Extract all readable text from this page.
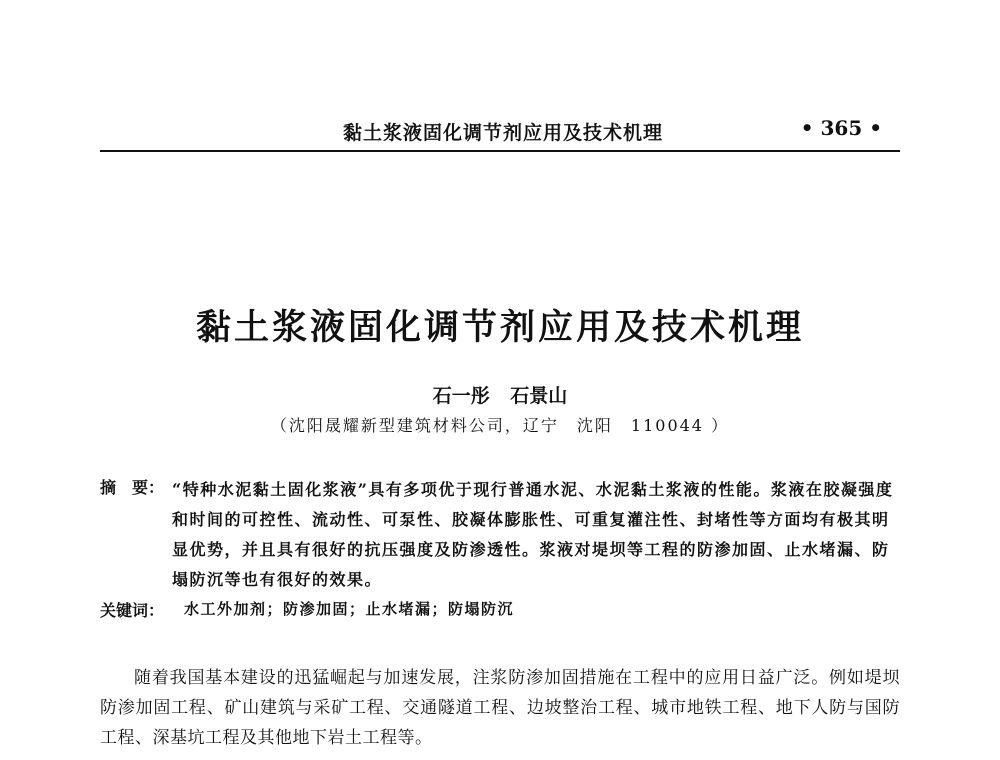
黏土浆液固化调节剂应用及技术机理	• 365 •
黏土浆液固化调节剂应用及技术机理
石一彤 石景山
（沈阳晟耀新型建筑材料公司，辽宁　沈阳　110044 ）
摘　要： “特种水泥黏土固化浆液”具有多项优于现行普通水泥、水泥黏土浆液的性能。浆液在胶凝强度和时间的可控性、流动性、可泵性、胶凝体膨胀性、可重复灌注性、封堵性等方面均有极其明显优势，并且具有很好的抗压强度及防渗透性。浆液对堤坝等工程的防渗加固、止水堵漏、防塌防沉等也有很好的效果。
关键词： 水工外加剂；防渗加固；止水堵漏；防塌防沉
随着我国基本建设的迅猛崛起与加速发展，注浆防渗加固措施在工程中的应用日益广泛。例如堤坝防渗加固工程、矿山建筑与采矿工程、交通隧道工程、边坡整治工程、城市地铁工程、地下人防与国防工程、深基坑工程及其他地下岩土工程等。
